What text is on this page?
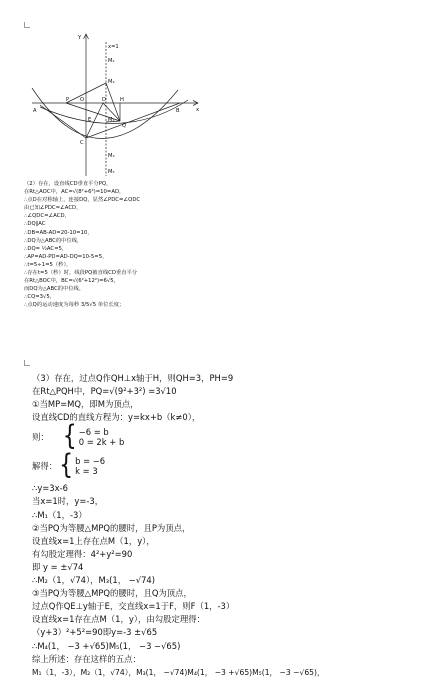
Y
x
x=1
M₂
M₄
A
P O	D	H
B
M₁
E
Q
C
M₃
M₅
（2）存在，设直线CD垂直平分PQ，
在Rt△AOC中，AC=√(8²+6²)=10=AD，
∴点D在对称轴上，连接DQ，显然∠PDC=∠QDC
由已知∠PDC=∠ACD，
∴∠QDC=∠ACD，
∴DQ∥AC
∴DB=AB-AD=20-10=10，
∴DQ为△ABC的中位线，
∴DQ= ½AC=5，
∴AP=AD-PD=AD-DQ=10-5=5，
∴t=5÷1=5（秒），
∴存在t=5（秒）时，线段PQ被直线CD垂直平分
在Rt△BOC中，BC=√(6²+12²)=6√5，
而DQ为△ABC的中位线，
∴CQ=3√5，
∴点Q的运动速度为每秒 3/5√5 单位长度；
（3）存在，过点Q作QH⊥x轴于H，则QH=3，PH=9
在Rt△PQH中，PQ=√(9²+3²) =3√10
①当MP=MQ，即M为顶点，
设直线CD的直线方程为：y=kx+b（k≠0），
则： { −6 = b
0 = 2k + b
解得： { b = −6
k = 3
∴y=3x-6
当x=1时，y=-3，
∴M₁（1，-3）
②当PQ为等腰△MPQ的腰时，且P为顶点，
设直线x=1上存在点M（1，y），
有勾股定理得：4²+y²=90
即 y = ±√74
∴M₂（1，√74），M₃(1， −√74)
③当PQ为等腰△MPQ的腰时，且Q为顶点，
过点Q作QE⊥y轴于E，交直线x=1于F，则F（1，-3）
设直线x=1存在点M（1，y），由勾股定理得：
（y+3）²+5²=90即y=-3 ±√65
∴M₄(1， −3 +√65)M₅(1， −3 −√65)
综上所述：存在这样的五点：
M₁（1，-3），M₂（1，√74），M₃(1， −√74)M₄(1， −3 +√65)M₅(1， −3 −√65)，
